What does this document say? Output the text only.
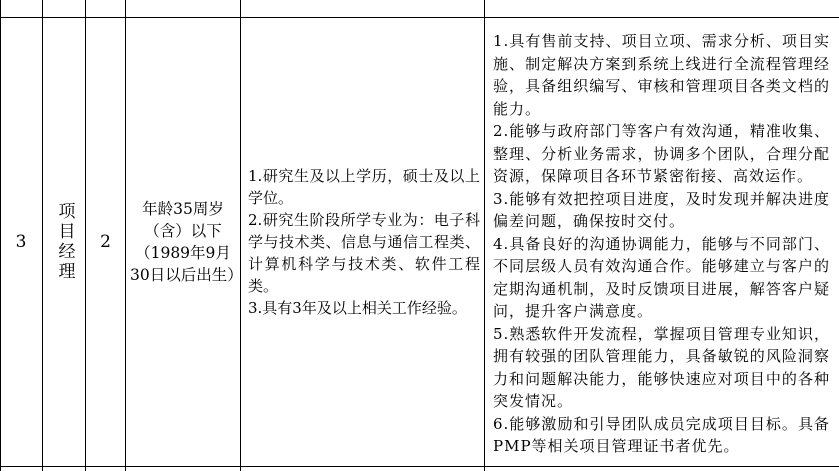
3 项目经理 2
年龄35周岁（含）以下（1989年9月30日以后出生）
1.研究生及以上学历，硕士及以上学位。
2.研究生阶段所学专业为：电子科学与技术类、信息与通信工程类、计算机科学与技术类、软件工程类。
3.具有3年及以上相关工作经验。
1.具有售前支持、项目立项、需求分析、项目实施、制定解决方案到系统上线进行全流程管理经验，具备组织编写、审核和管理项目各类文档的能力。
2.能够与政府部门等客户有效沟通，精准收集、整理、分析业务需求，协调多个团队，合理分配资源，保障项目各环节紧密衔接、高效运作。
3.能够有效把控项目进度，及时发现并解决进度偏差问题，确保按时交付。
4.具备良好的沟通协调能力，能够与不同部门、不同层级人员有效沟通合作。能够建立与客户的定期沟通机制，及时反馈项目进展，解答客户疑问，提升客户满意度。
5.熟悉软件开发流程，掌握项目管理专业知识，拥有较强的团队管理能力，具备敏锐的风险洞察力和问题解决能力，能够快速应对项目中的各种突发情况。
6.能够激励和引导团队成员完成项目目标。具备PMP等相关项目管理证书者优先。
